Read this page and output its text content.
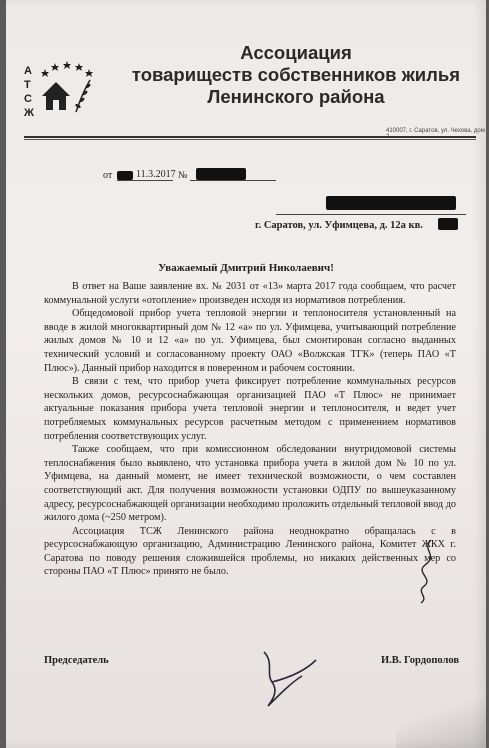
А
Т
С
Ж
Ассоциация
товариществ собственников жилья
Ленинского района
410007, г. Саратов, ул. Чехова, дом
от 11.3.2017 №
г. Саратов, ул. Уфимцева, д. 12а кв.
Уважаемый Дмитрий Николаевич!

В ответ на Ваше заявление вх. № 2031 от «13» марта 2017 года сообщаем, что расчет коммунальной услуги «отопление» произведен исходя из нормативов потребления.

Общедомовой прибор учета тепловой энергии и теплоносителя установленный на вводе в жилой многоквартирный дом № 12 «а» по ул. Уфимцева, учитывающий потребление жилых домов № 10 и 12 «а» по ул. Уфимцева, был смонтирован согласно выданных технический условий и согласованному проекту ОАО «Волжская ТГК» (теперь ПАО «Т Плюс»). Данный прибор находится в поверенном и рабочем состоянии.

В связи с тем, что прибор учета фиксирует потребление коммунальных ресурсов нескольких домов, ресурсоснабжающая организацией ПАО «Т Плюс» не принимает актуальные показания прибора учета тепловой энергии и теплоносителя, и ведет учет потребляемых коммунальных ресурсов расчетным методом с применением нормативов потребления соответствующих услуг.

Также сообщаем, что при комиссионном обследовании внутридомовой системы теплоснабжения было выявлено, что установка прибора учета в жилой дом № 10 по ул. Уфимцева, на данный момент, не имеет технической возможности, о чем составлен соответствующий акт. Для получения возможности установки ОДПУ по вышеуказанному адресу, ресурсоснабжающей организации необходимо проложить отдельный тепловой ввод до жилого дома (~250 метром).

Ассоциация ТСЖ Ленинского района неоднократно обращалась с в ресурсоснабжающую организацию, Администрацию Ленинского района, Комитет ЖКХ г. Саратова по поводу решения сложившейся проблемы, но никаких действенных мер со стороны ПАО «Т Плюс» принято не было.

Председатель	И.В. Гордополов
